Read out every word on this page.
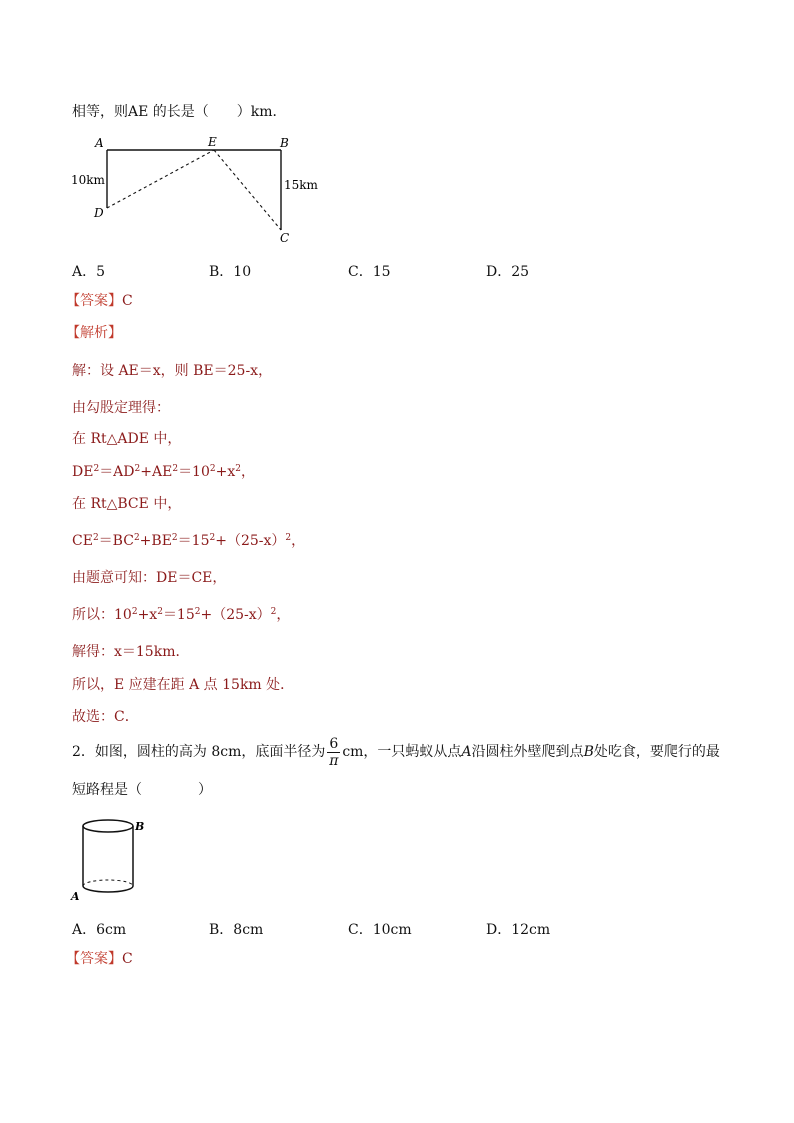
相等，则AE 的长是（　　）km．
A	E	B
D
C
10km	15km
A．5	B．10	C．15	D．25
【答案】C
【解析】
解：设 AE＝x，则 BE＝25-x，
由勾股定理得：
在 Rt△ADE 中，
$DE^2=AD^2+AE^2=10^2+x^2$，
在 Rt△BCE 中，
$CE^2=BC^2+BE^2=15^2+(25-x)^2$，
由题意可知：DE＝CE，
所以：$10^2+x^2=15^2+(25-x)^2$，
解得：x＝15km．
所以，E 应建在距 A 点 15km 处．
故选：C．
2．如图，圆柱的高为 8cm，底面半径为 $\frac{6}{\pi}$ cm，一只蚂蚁从点A沿圆柱外壁爬到点B处吃食，要爬行的最
短路程是（　　　　）
B
A
A．6cm	B．8cm	C．10cm	D．12cm
【答案】C
